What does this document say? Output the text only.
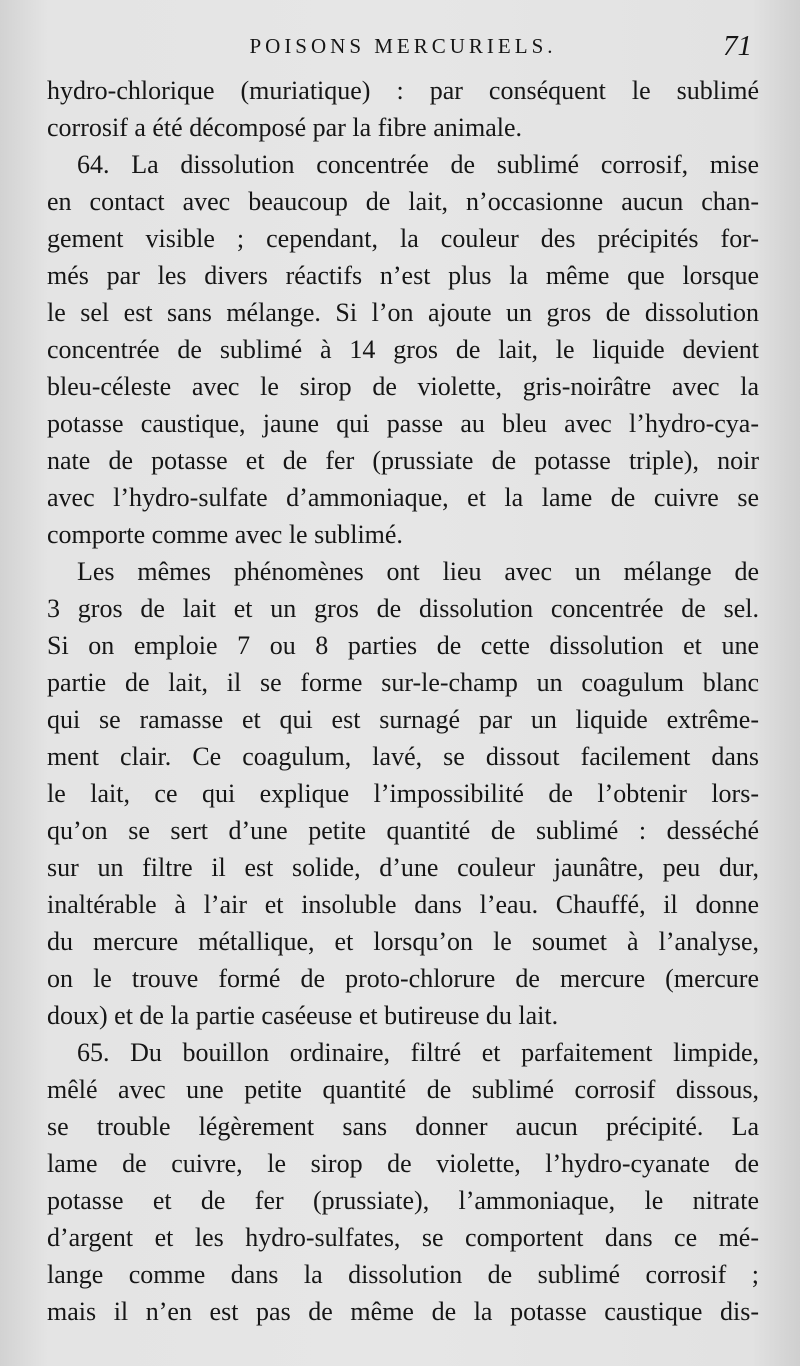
POISONS MERCURIELS.	71
hydro-chlorique (muriatique) : par conséquent le sublimé
corrosif a été décomposé par la fibre animale.
64. La dissolution concentrée de sublimé corrosif, mise
en contact avec beaucoup de lait, n’occasionne aucun chan-
gement visible ; cependant, la couleur des précipités for-
més par les divers réactifs n’est plus la même que lorsque
le sel est sans mélange. Si l’on ajoute un gros de dissolution
concentrée de sublimé à 14 gros de lait, le liquide devient
bleu-céleste avec le sirop de violette, gris-noirâtre avec la
potasse caustique, jaune qui passe au bleu avec l’hydro-cya-
nate de potasse et de fer (prussiate de potasse triple), noir
avec l’hydro-sulfate d’ammoniaque, et la lame de cuivre se
comporte comme avec le sublimé.
Les mêmes phénomènes ont lieu avec un mélange de
3 gros de lait et un gros de dissolution concentrée de sel.
Si on emploie 7 ou 8 parties de cette dissolution et une
partie de lait, il se forme sur-le-champ un coagulum blanc
qui se ramasse et qui est surnagé par un liquide extrême-
ment clair. Ce coagulum, lavé, se dissout facilement dans
le lait, ce qui explique l’impossibilité de l’obtenir lors-
qu’on se sert d’une petite quantité de sublimé : desséché
sur un filtre il est solide, d’une couleur jaunâtre, peu dur,
inaltérable à l’air et insoluble dans l’eau. Chauffé, il donne
du mercure métallique, et lorsqu’on le soumet à l’analyse,
on le trouve formé de proto-chlorure de mercure (mercure
doux) et de la partie caséeuse et butireuse du lait.
65. Du bouillon ordinaire, filtré et parfaitement limpide,
mêlé avec une petite quantité de sublimé corrosif dissous,
se trouble légèrement sans donner aucun précipité. La
lame de cuivre, le sirop de violette, l’hydro-cyanate de
potasse et de fer (prussiate), l’ammoniaque, le nitrate
d’argent et les hydro-sulfates, se comportent dans ce mé-
lange comme dans la dissolution de sublimé corrosif ;
mais il n’en est pas de même de la potasse caustique dis-
